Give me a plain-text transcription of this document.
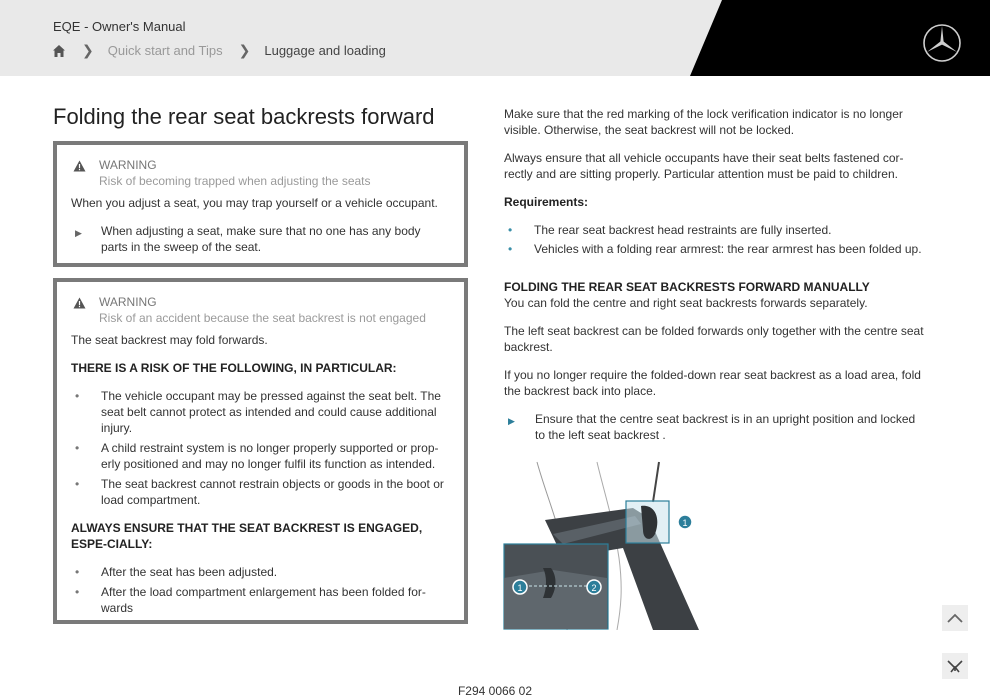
EQE - Owner's Manual
❯ Quick start and Tips ❯ Luggage and loading
Folding the rear seat backrests forward
WARNING
Risk of becoming trapped when adjusting the seats
When you adjust a seat, you may trap yourself or a vehicle occupant.
▶	When adjusting a seat, make sure that no one has any body parts in the sweep of the seat.
WARNING
Risk of an accident because the seat backrest is not engaged
The seat backrest may fold forwards.
THERE IS A RISK OF THE FOLLOWING, IN PARTICULAR:
• The vehicle occupant may be pressed against the seat belt. The seat belt cannot protect as intended and could cause additional injury.
• A child restraint system is no longer properly supported or prop-erly positioned and may no longer fulfil its function as intended.
• The seat backrest cannot restrain objects or goods in the boot or load compartment.
ALWAYS ENSURE THAT THE SEAT BACKREST IS ENGAGED, ESPE-CIALLY:
• After the seat has been adjusted.
• After the load compartment enlargement has been folded for-wards

Make sure that the red marking of the lock verification indicator is no longer visible. Otherwise, the seat backrest will not be locked.

Always ensure that all vehicle occupants have their seat belts fastened cor-rectly and are sitting properly. Particular attention must be paid to children.

Requirements:
• The rear seat backrest head restraints are fully inserted.
• Vehicles with a folding rear armrest: the rear armrest has been folded up.
FOLDING THE REAR SEAT BACKRESTS FORWARD MANUALLY

You can fold the centre and right seat backrests forwards separately.

The left seat backrest can be folded forwards only together with the centre seat backrest.

If you no longer require the folded-down rear seat backrest as a load area, fold the backrest back into place.

▶	Ensure that the centre seat backrest is in an upright position and locked to the left seat backrest .
1
1	2
F294 0066 02
